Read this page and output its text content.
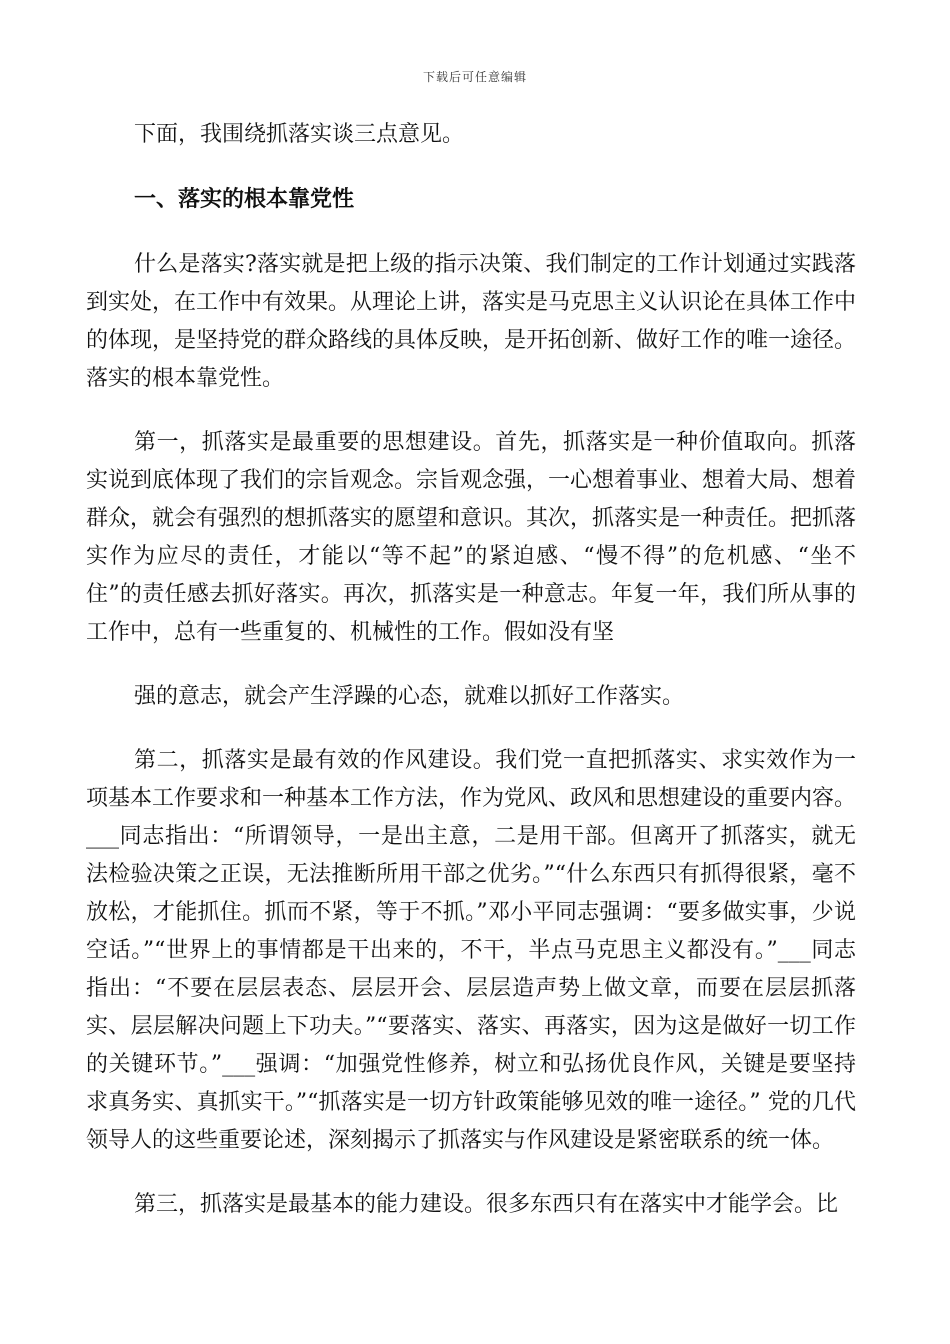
下载后可任意编辑

下面，我围绕抓落实谈三点意见。

一、落实的根本靠党性

什么是落实?落实就是把上级的指示决策、我们制定的工作计划通过实践落到实处，在工作中有效果。从理论上讲，落实是马克思主义认识论在具体工作中的体现，是坚持党的群众路线的具体反映，是开拓创新、做好工作的唯一途径。落实的根本靠党性。

第一，抓落实是最重要的思想建设。首先，抓落实是一种价值取向。抓落实说到底体现了我们的宗旨观念。宗旨观念强，一心想着事业、想着大局、想着群众，就会有强烈的想抓落实的愿望和意识。其次，抓落实是一种责任。把抓落实作为应尽的责任，才能以“等不起”的紧迫感、“慢不得”的危机感、“坐不住”的责任感去抓好落实。再次，抓落实是一种意志。年复一年，我们所从事的工作中，总有一些重复的、机械性的工作。假如没有坚

强的意志，就会产生浮躁的心态，就难以抓好工作落实。

第二，抓落实是最有效的作风建设。我们党一直把抓落实、求实效作为一项基本工作要求和一种基本工作方法，作为党风、政风和思想建设的重要内容。___同志指出：“所谓领导，一是出主意，二是用干部。但离开了抓落实，就无法检验决策之正误，无法推断所用干部之优劣。”“什么东西只有抓得很紧，毫不放松，才能抓住。抓而不紧，等于不抓。”邓小平同志强调：“要多做实事，少说空话。”“世界上的事情都是干出来的，不干，半点马克思主义都没有。”___同志指出：“不要在层层表态、层层开会、层层造声势上做文章，而要在层层抓落实、层层解决问题上下功夫。”“要落实、落实、再落实，因为这是做好一切工作的关键环节。”___强调：“加强党性修养，树立和弘扬优良作风，关键是要坚持求真务实、真抓实干。”“抓落实是一切方针政策能够见效的唯一途径。” 党的几代领导人的这些重要论述，深刻揭示了抓落实与作风建设是紧密联系的统一体。

第三，抓落实是最基本的能力建设。很多东西只有在落实中才能学会。比
